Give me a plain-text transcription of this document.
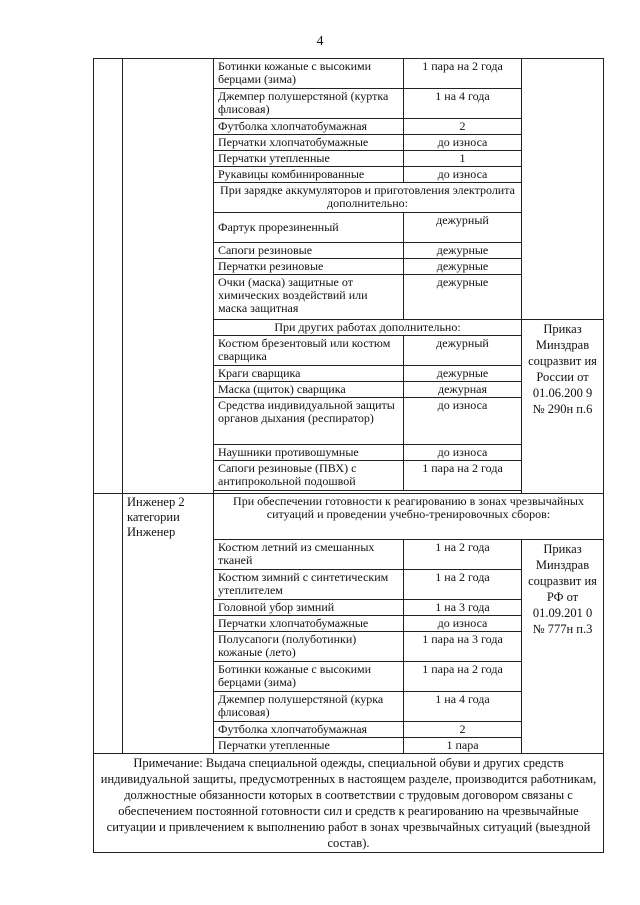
4
		Ботинки кожаные с высокими берцами (зима)	1 пара на 2 года	
		Джемпер полушерстяной (куртка флисовая)	1 на 4 года	
		Футболка хлопчатобумажная	2	
		Перчатки хлопчатобумажные	до износа	
		Перчатки утепленные	1	
		Рукавицы комбинированные	до износа	
		При зарядке аккумуляторов и приготовления электролита дополнительно:		
		Фартук прорезиненный	дежурный	
		Сапоги резиновые	дежурные	
		Перчатки резиновые	дежурные	
		Очки (маска) защитные от химических воздействий или маска защитная	дежурные	
		При других работах дополнительно:		Приказ Минздрав соцразвит ия России от 01.06.200 9 № 290н п.6
		Костюм брезентовый или костюм сварщика	дежурный	
		Краги сварщика	дежурные	
		Маска (щиток) сварщика	дежурная	
		Средства индивидуальной защиты органов дыхания (респиратор)	до износа	
		Наушники противошумные	до износа	
		Сапоги резиновые (ПВХ) с антипрокольной подошвой	1 пара на 2 года	

	Инженер 2 категории Инженер	При обеспечении готовности к реагированию в зонах чрезвычайных ситуаций и проведении учебно-тренировочных сборов:		
		Костюм летний из смешанных тканей	1 на 2 года	Приказ Минздрав соцразвит ия РФ от 01.09.201 0 № 777н п.3
		Костюм зимний с синтетическим утеплителем	1 на 2 года	
		Головной убор зимний	1 на 3 года	
		Перчатки хлопчатобумажные	до износа	
		Полусапоги (полуботинки) кожаные (лето)	1 пара на 3 года	
		Ботинки кожаные с высокими берцами (зима)	1 пара на 2 года	
		Джемпер полушерстяной (курка флисовая)	1 на 4 года	
		Футболка хлопчатобумажная	2	
		Перчатки утепленные	1 пара	
Примечание: Выдача специальной одежды, специальной обуви и других средств индивидуальной защиты, предусмотренных в настоящем разделе, производится работникам, должностные обязанности которых в соответствии с трудовым договором связаны с обеспечением постоянной готовности сил и средств к реагированию на чрезвычайные ситуации и привлечением к выполнению работ в зонах чрезвычайных ситуаций (выездной состав).				
